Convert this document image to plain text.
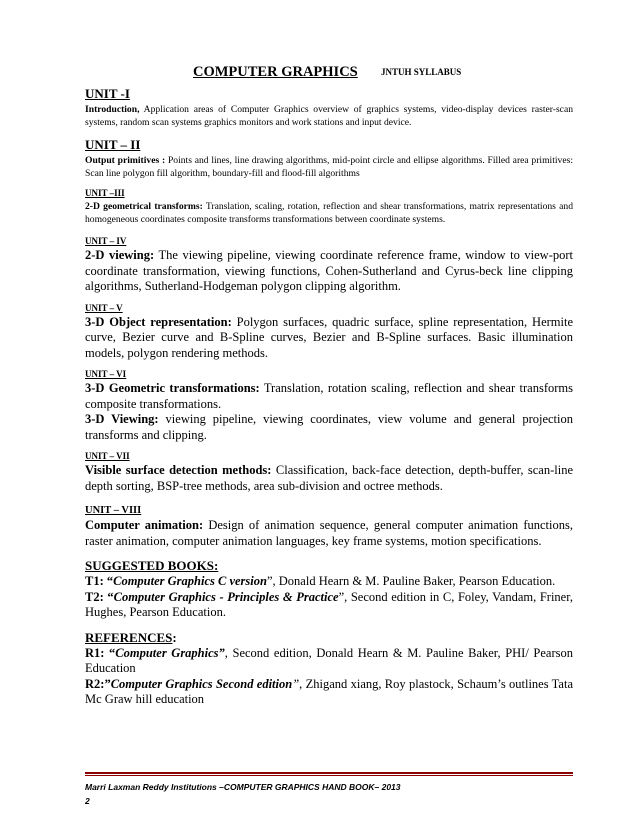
COMPUTER GRAPHICS	JNTUH SYLLABUS

UNIT -I

Introduction, Application areas of Computer Graphics overview of graphics systems, video-display devices raster-scan systems, random scan systems graphics monitors and work stations and input device.

UNIT – II

Output primitives : Points and lines, line drawing algorithms, mid-point circle and ellipse algorithms. Filled area primitives: Scan line polygon fill algorithm, boundary-fill and flood-fill algorithms

UNIT –III

2-D geometrical transforms: Translation, scaling, rotation, reflection and shear transformations, matrix representations and homogeneous coordinates composite transforms transformations between coordinate systems.

UNIT – IV

2-D viewing: The viewing pipeline, viewing coordinate reference frame, window to view-port coordinate transformation, viewing functions, Cohen-Sutherland and Cyrus-beck line clipping algorithms, Sutherland-Hodgeman polygon clipping algorithm.

UNIT – V

3-D Object representation: Polygon surfaces, quadric surface, spline representation, Hermite curve, Bezier curve and B-Spline curves, Bezier and B-Spline surfaces. Basic illumination models, polygon rendering methods.

UNIT – VI

3-D Geometric transformations: Translation, rotation scaling, reflection and shear transforms composite transformations.

3-D Viewing: viewing pipeline, viewing coordinates, view volume and general projection transforms and clipping.

UNIT – VII

Visible surface detection methods: Classification, back-face detection, depth-buffer, scan-line depth sorting, BSP-tree methods, area sub-division and octree methods.

UNIT – VIII

Computer animation: Design of animation sequence, general computer animation functions, raster animation, computer animation languages, key frame systems, motion specifications.

SUGGESTED BOOKS:

T1: “Computer Graphics C version”, Donald Hearn & M. Pauline Baker, Pearson Education.

T2: “Computer Graphics - Principles & Practice”, Second edition in C, Foley, Vandam, Friner, Hughes, Pearson Education.

REFERENCES:

R1: “Computer Graphics”, Second edition, Donald Hearn & M. Pauline Baker, PHI/ Pearson Education

R2:”Computer Graphics Second edition”, Zhigand xiang, Roy plastock, Schaum’s outlines Tata Mc Graw hill education

Marri Laxman Reddy Institutions –COMPUTER GRAPHICS HAND BOOK– 2013
2
